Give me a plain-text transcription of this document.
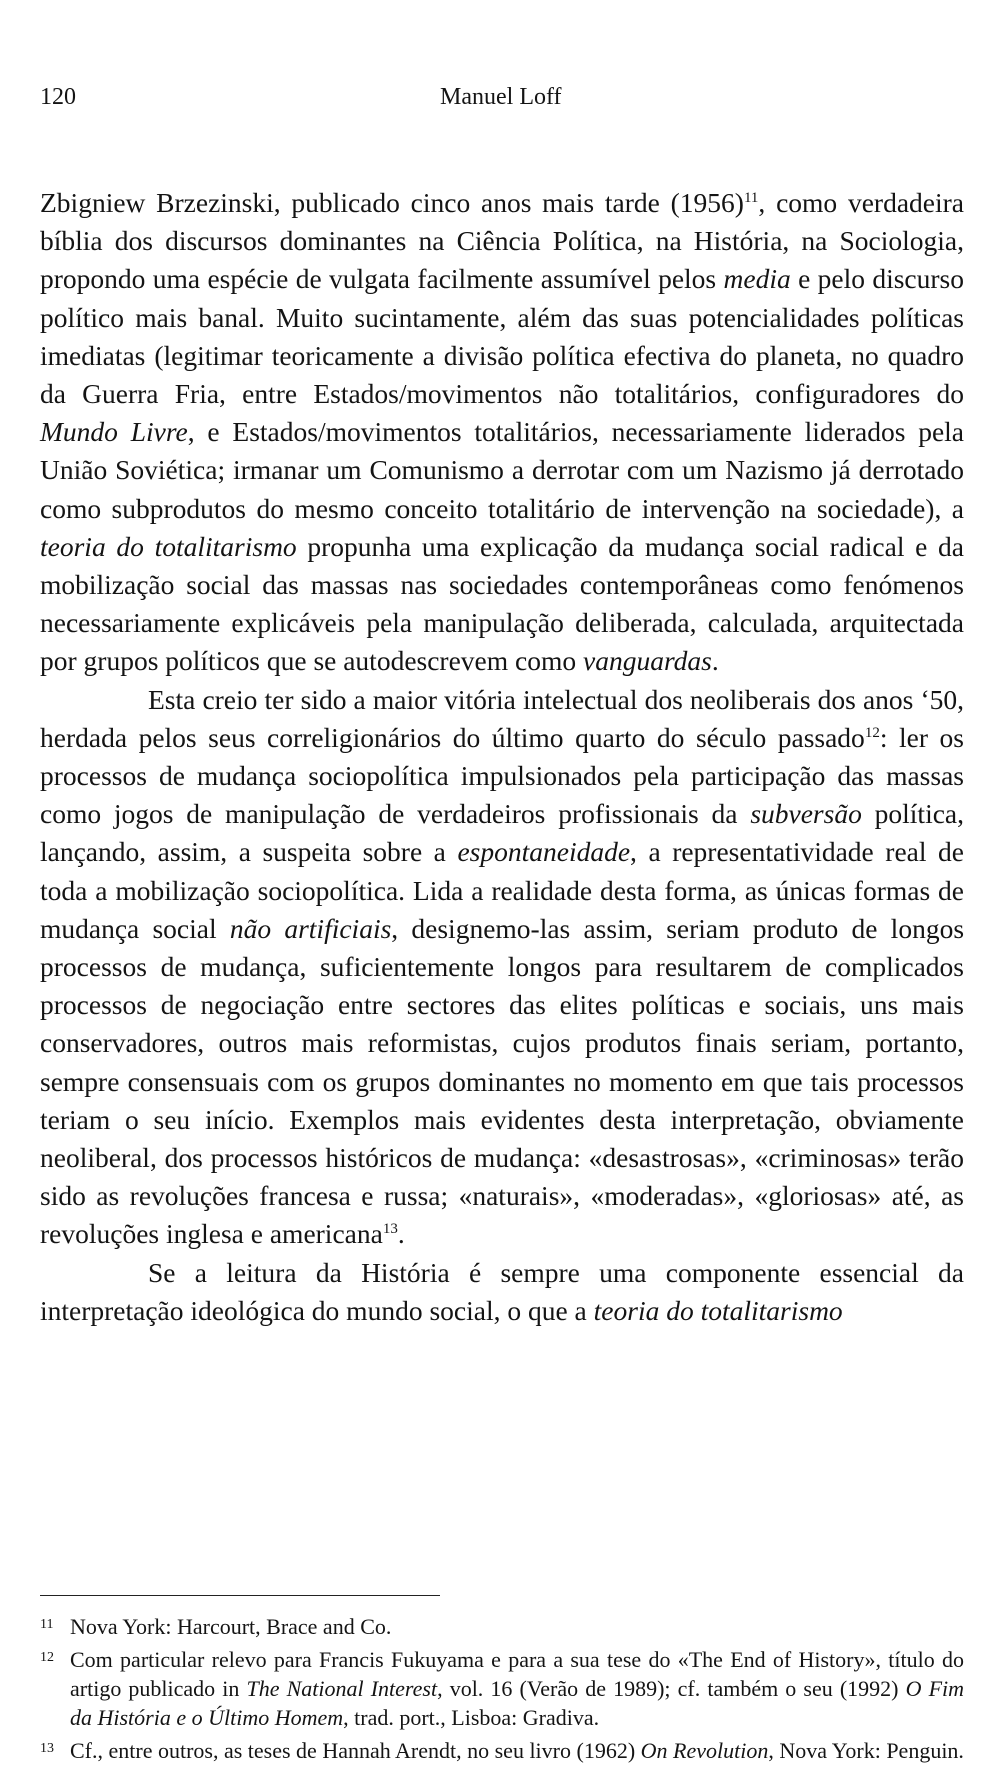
120	Manuel Loff

Zbigniew Brzezinski, publicado cinco anos mais tarde $(1956)^{11}$, como verdadeira bíblia dos discursos dominantes na Ciência Política, na História, na Sociologia, propondo uma espécie de vulgata facilmente assumível pelos media e pelo discurso político mais banal. Muito sucintamente, além das suas potencialidades políticas imediatas (legitimar teoricamente a divisão política efectiva do planeta, no quadro da Guerra Fria, entre Estados/movimentos não totalitários, configuradores do Mundo Livre, e Estados/movimentos totalitários, necessariamente liderados pela União Soviética; irmanar um Comunismo a derrotar com um Nazismo já derrotado como subprodutos do mesmo conceito totalitário de intervenção na sociedade), a teoria do totalitarismo propunha uma explicação da mudança social radical e da mobilização social das massas nas sociedades contemporâneas como fenómenos necessariamente explicáveis pela manipulação deliberada, calculada, arquitectada por grupos políticos que se autodescrevem como vanguardas.

Esta creio ter sido a maior vitória intelectual dos neoliberais dos anos ‘50, herdada pelos seus correligionários do último quarto do século passado$^{12}$: ler os processos de mudança sociopolítica impulsionados pela participação das massas como jogos de manipulação de verdadeiros profissionais da subversão política, lançando, assim, a suspeita sobre a espontaneidade, a representatividade real de toda a mobilização sociopolítica. Lida a realidade desta forma, as únicas formas de mudança social não artificiais, designemo-las assim, seriam produto de longos processos de mudança, suficientemente longos para resultarem de complicados processos de negociação entre sectores das elites políticas e sociais, uns mais conservadores, outros mais reformistas, cujos produtos finais seriam, portanto, sempre consensuais com os grupos dominantes no momento em que tais processos teriam o seu início. Exemplos mais evidentes desta interpretação, obviamente neoliberal, dos processos históricos de mudança: «desastrosas», «criminosas» terão sido as revoluções francesa e russa; «naturais», «moderadas», «gloriosas» até, as revoluções inglesa e americana$^{13}$.

Se a leitura da História é sempre uma componente essencial da interpretação ideológica do mundo social, o que a teoria do totalitarismo

11 Nova York: Harcourt, Brace and Co.
12 Com particular relevo para Francis Fukuyama e para a sua tese do «The End of History», título do artigo publicado in The National Interest, vol. 16 (Verão de 1989); cf. também o seu (1992) O Fim da História e o Último Homem, trad. port., Lisboa: Gradiva.
13 Cf., entre outros, as teses de Hannah Arendt, no seu livro (1962) On Revolution, Nova York: Penguin.
